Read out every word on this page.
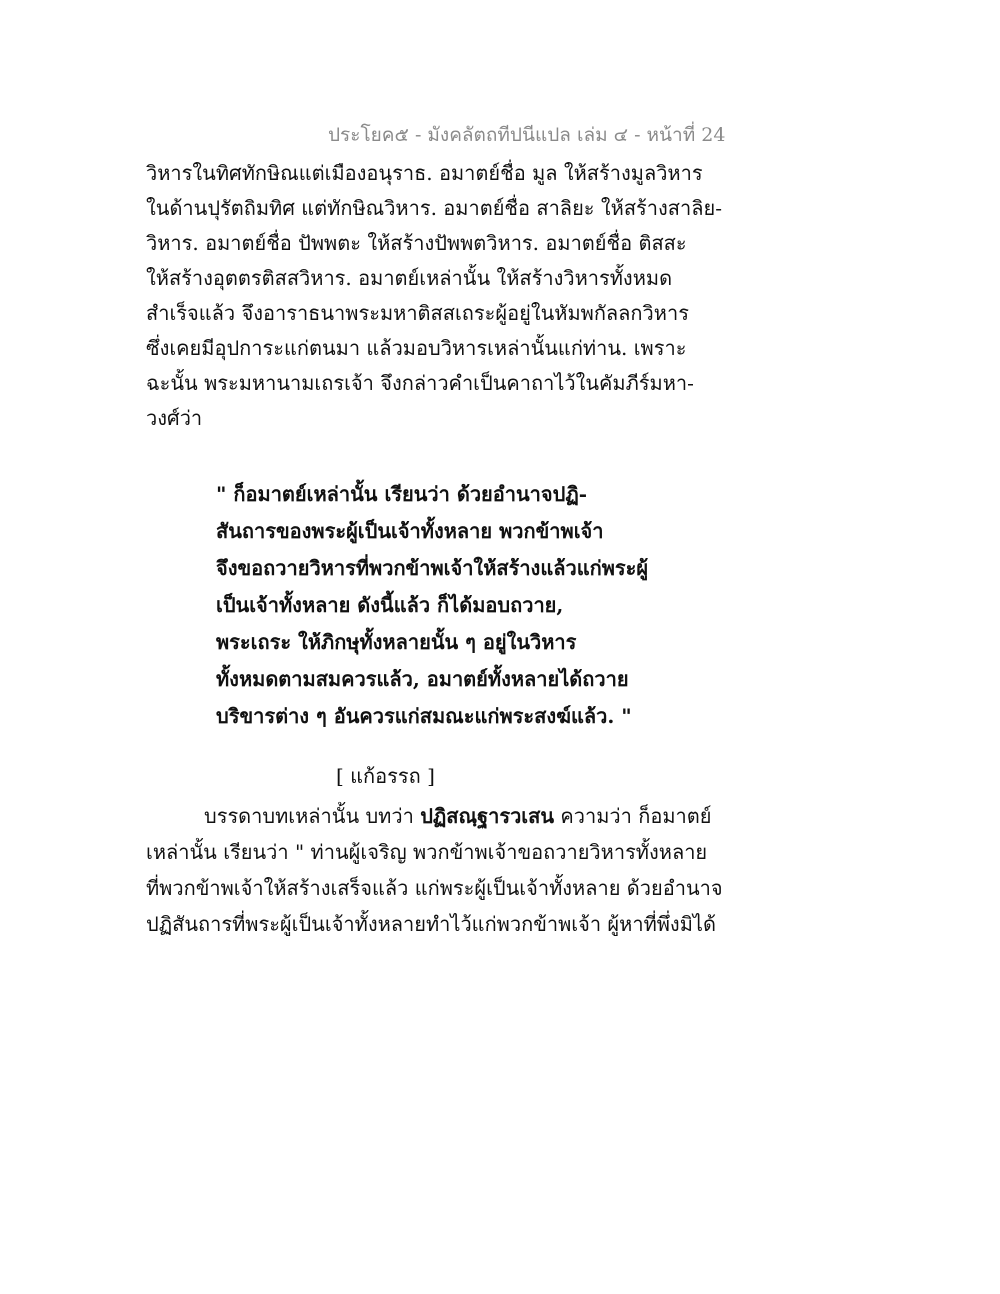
ประโยค๕ - มังคลัตถทีปนีแปล เล่ม ๔ - หน้าที่ 24
วิหารในทิศทักษิณแต่เมืองอนุราธ. อมาตย์ชื่อ มูล ให้สร้างมูลวิหาร
ในด้านปุรัตถิมทิศ แต่ทักษิณวิหาร. อมาตย์ชื่อ สาลิยะ ให้สร้างสาลิย-
วิหาร. อมาตย์ชื่อ ปัพพตะ ให้สร้างปัพพตวิหาร. อมาตย์ชื่อ ติสสะ
ให้สร้างอุตตรติสสวิหาร. อมาตย์เหล่านั้น ให้สร้างวิหารทั้งหมด
สำเร็จแล้ว จึงอาราธนาพระมหาติสสเถระผู้อยู่ในหัมพกัลลกวิหาร
ซึ่งเคยมีอุปการะแก่ตนมา แล้วมอบวิหารเหล่านั้นแก่ท่าน. เพราะ
ฉะนั้น พระมหานามเถรเจ้า จึงกล่าวคำเป็นคาถาไว้ในคัมภีร์มหา-
วงศ์ว่า
" ก็อมาตย์เหล่านั้น เรียนว่า ด้วยอำนาจปฏิ-
สันถารของพระผู้เป็นเจ้าทั้งหลาย พวกข้าพเจ้า
จึงขอถวายวิหารที่พวกข้าพเจ้าให้สร้างแล้วแก่พระผู้
เป็นเจ้าทั้งหลาย ดังนี้แล้ว ก็ได้มอบถวาย,
พระเถระ ให้ภิกษุทั้งหลายนั้น ๆ อยู่ในวิหาร
ทั้งหมดตามสมควรแล้ว, อมาตย์ทั้งหลายได้ถวาย
บริขารต่าง ๆ อันควรแก่สมณะแก่พระสงฆ์แล้ว. "
[ แก้อรรถ ]
บรรดาบทเหล่านั้น บทว่า ปฏิสณฺฐารวเสน ความว่า ก็อมาตย์
เหล่านั้น เรียนว่า " ท่านผู้เจริญ พวกข้าพเจ้าขอถวายวิหารทั้งหลาย
ที่พวกข้าพเจ้าให้สร้างเสร็จแล้ว แก่พระผู้เป็นเจ้าทั้งหลาย ด้วยอำนาจ
ปฏิสันถารที่พระผู้เป็นเจ้าทั้งหลายทำไว้แก่พวกข้าพเจ้า ผู้หาที่พึ่งมิได้
